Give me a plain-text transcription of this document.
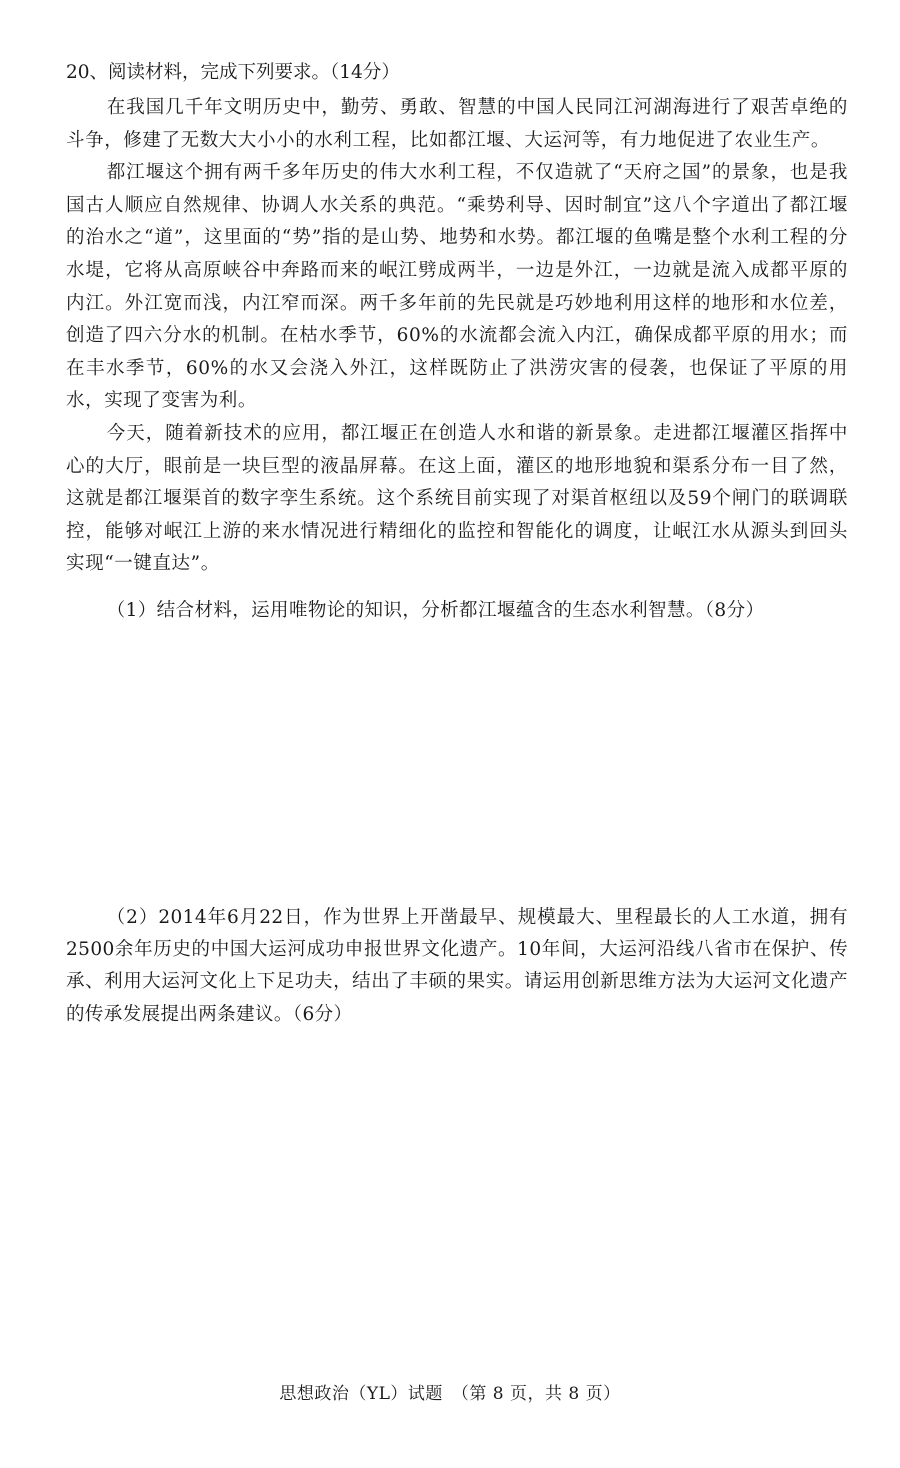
20、阅读材料，完成下列要求。（14分）

在我国几千年文明历史中，勤劳、勇敢、智慧的中国人民同江河湖海进行了艰苦卓绝的斗争，修建了无数大大小小的水利工程，比如都江堰、大运河等，有力地促进了农业生产。

都江堰这个拥有两千多年历史的伟大水利工程，不仅造就了“天府之国”的景象，也是我国古人顺应自然规律、协调人水关系的典范。“乘势利导、因时制宜”这八个字道出了都江堰的治水之“道”，这里面的“势”指的是山势、地势和水势。都江堰的鱼嘴是整个水利工程的分水堤，它将从高原峡谷中奔路而来的岷江劈成两半，一边是外江，一边就是流入成都平原的内江。外江宽而浅，内江窄而深。两千多年前的先民就是巧妙地利用这样的地形和水位差，创造了四六分水的机制。在枯水季节，60%的水流都会流入内江，确保成都平原的用水；而在丰水季节，60%的水又会浇入外江，这样既防止了洪涝灾害的侵袭，也保证了平原的用水，实现了变害为利。

今天，随着新技术的应用，都江堰正在创造人水和谐的新景象。走进都江堰灌区指挥中心的大厅，眼前是一块巨型的液晶屏幕。在这上面，灌区的地形地貌和渠系分布一目了然，这就是都江堰渠首的数字孪生系统。这个系统目前实现了对渠首枢纽以及59个闸门的联调联控，能够对岷江上游的来水情况进行精细化的监控和智能化的调度，让岷江水从源头到回头实现“一键直达”。

（1）结合材料，运用唯物论的知识，分析都江堰蕴含的生态水利智慧。（8分）
（2）2014年6月22日，作为世界上开凿最早、规模最大、里程最长的人工水道，拥有2500余年历史的中国大运河成功申报世界文化遗产。10年间，大运河沿线八省市在保护、传承、利用大运河文化上下足功夫，结出了丰硕的果实。请运用创新思维方法为大运河文化遗产的传承发展提出两条建议。（6分）
思想政治（YL）试题　（第 8 页，共 8 页）
